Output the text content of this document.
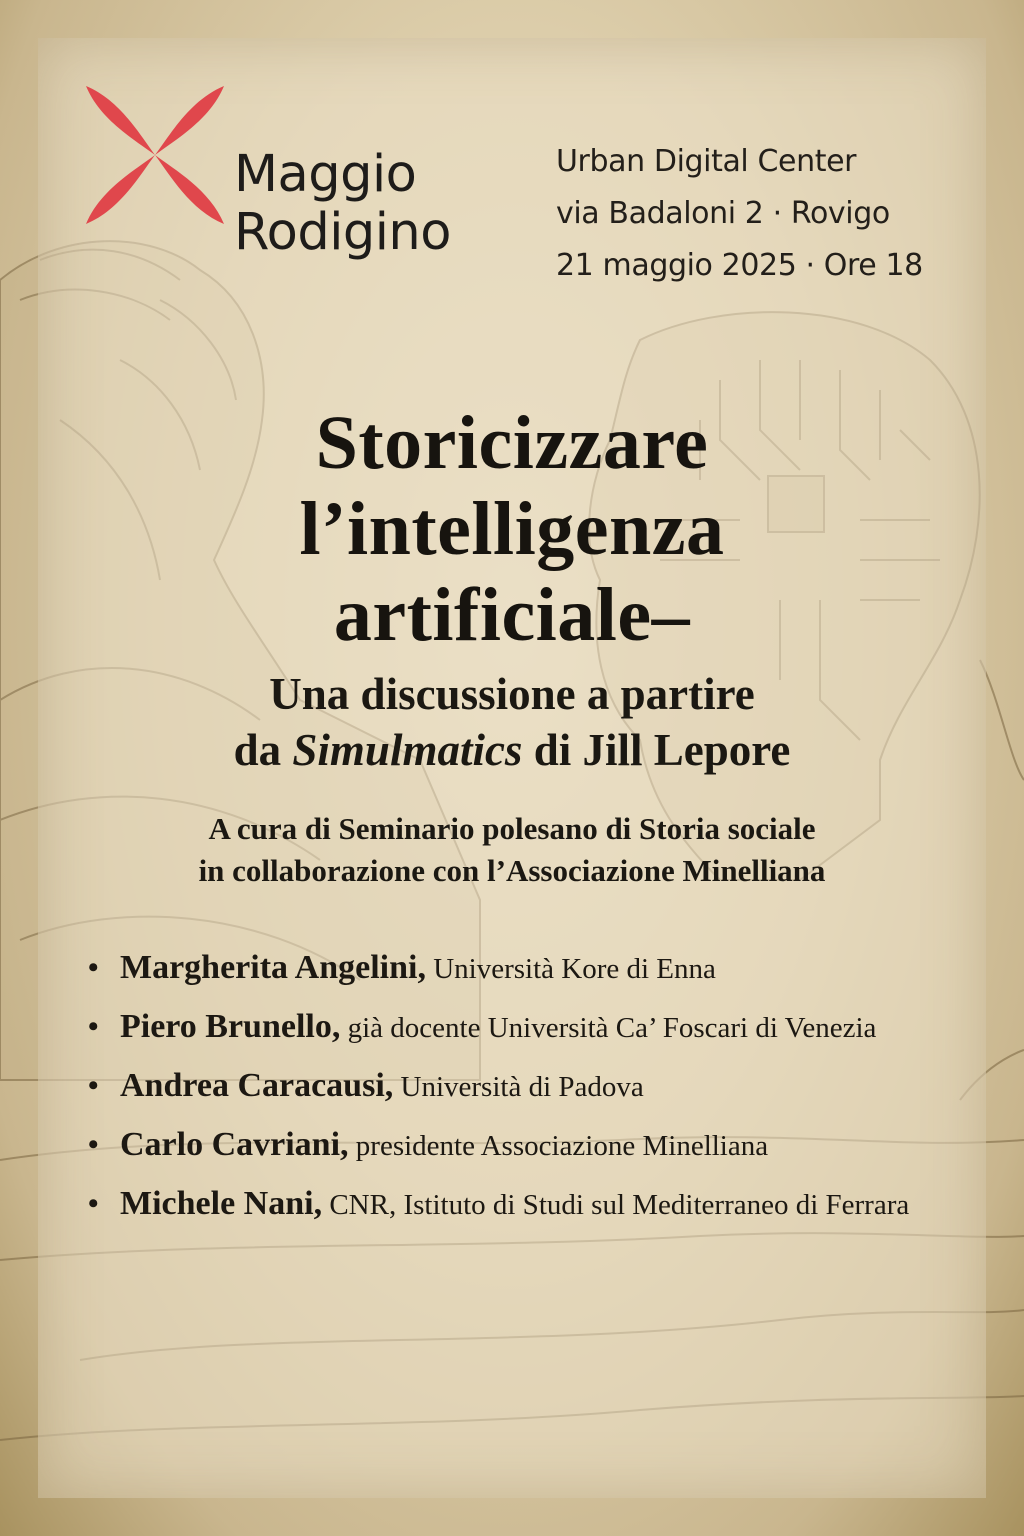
Maggio
Rodigino
Urban Digital Center
via Badaloni 2 · Rovigo
21 maggio 2025 · Ore 18
Storicizzare
l’intelligenza
artificiale–
Una discussione a partire
da Simulmatics di Jill Lepore
A cura di Seminario polesano di Storia sociale
in collaborazione con l’Associazione Minelliana
• Margherita Angelini, Università Kore di Enna
• Piero Brunello, già docente Università Ca’ Foscari di Venezia
• Andrea Caracausi, Università di Padova
• Carlo Cavriani, presidente Associazione Minelliana
• Michele Nani, CNR, Istituto di Studi sul Mediterraneo di Ferrara
